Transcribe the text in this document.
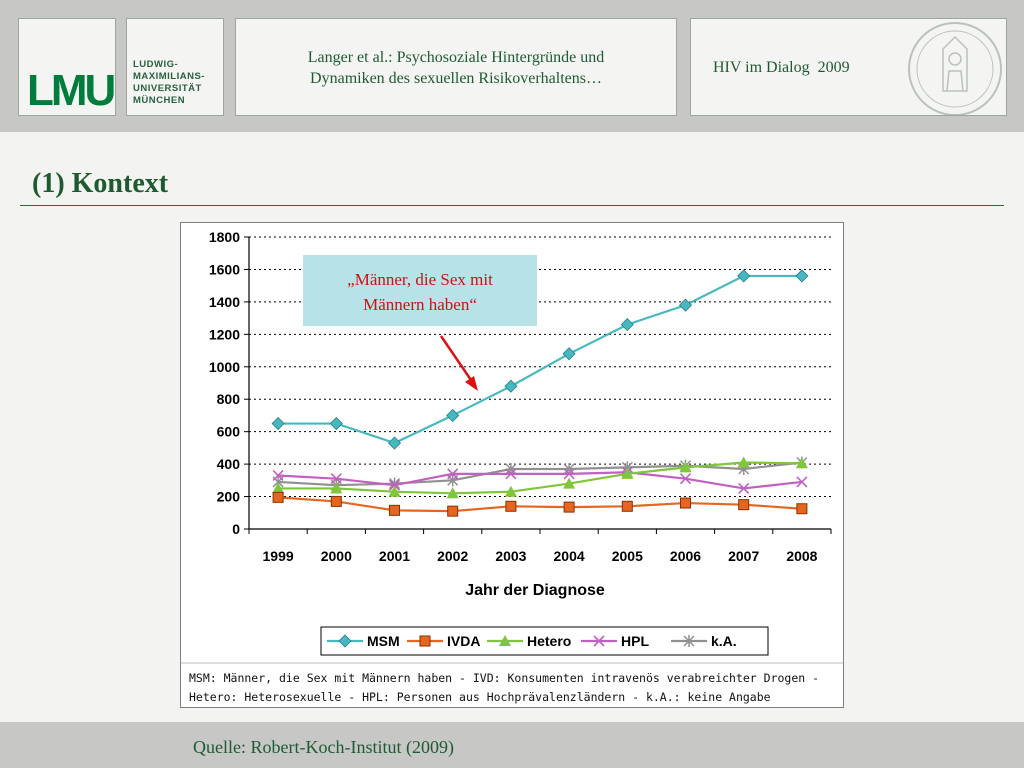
LMU
LUDWIG-
MAXIMILIANS-
UNIVERSITÄT
MÜNCHEN
Langer et al.: Psychosoziale Hintergründe und
Dynamiken des sexuellen Risikoverhaltens…
HIV im Dialog  2009
(1) Kontext
0
200
400
600
800
1000
1200
1400
1600
1800
1999 2000 2001 2002 2003 2004 2005 2006 2007 2008
Jahr der Diagnose
„Männer, die Sex mit
Männern haben“
MSM	IVDA	Hetero	HPL	k.A.
MSM: Männer, die Sex mit Männern haben - IVD: Konsumenten intravenös verabreichter Drogen -
Hetero: Heterosexuelle - HPL: Personen aus Hochprävalenzländern - k.A.: keine Angabe
Quelle: Robert-Koch-Institut (2009)
